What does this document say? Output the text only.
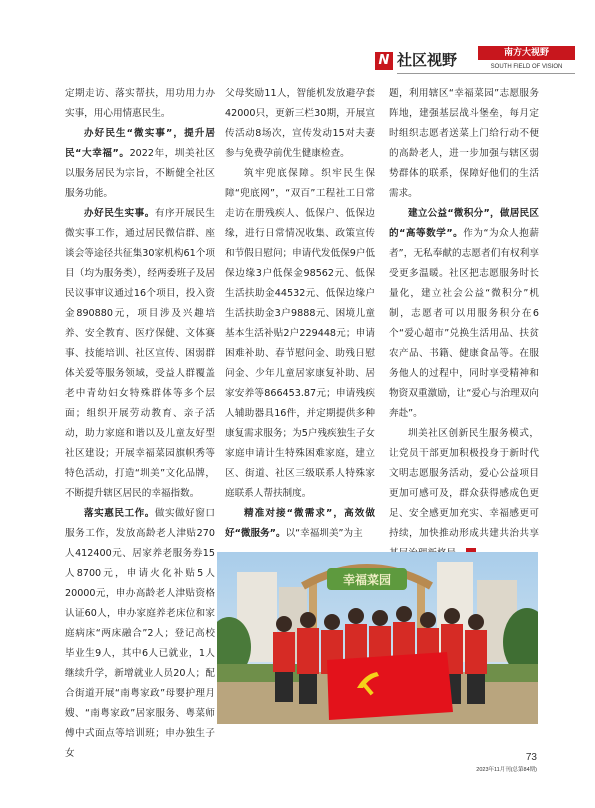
N 社区视野	南方大视野
SOUTH FIELD OF VISION

定期走访、落实帮扶，用功用力办实事，用心用情惠民生。

办好民生“微实事”，提升居民“大幸福”。2022年，圳美社区以服务居民为宗旨，不断健全社区服务功能。

办好民生实事。有序开展民生微实事工作，通过居民微信群、座谈会等途径共征集30家机构61个项目（均为服务类），经两委班子及居民议事审议通过16个项目，投入资金890880元，项目涉及兴趣培养、安全教育、医疗保健、文体赛事、技能培训、社区宣传、困弱群体关爱等服务领域，受益人群覆盖老中青幼妇女特殊群体等多个层面；组织开展劳动教育、亲子活动，助力家庭和谐以及儿童友好型社区建设；开展幸福菜园旗帜秀等特色活动，打造“圳美”文化品牌，不断提升辖区居民的幸福指数。

落实惠民工作。做实做好窗口服务工作，发放高龄老人津贴270人412400元、居家养老服务券15人8700元，申请火化补贴5人20000元，申办高龄老人津贴资格认证60人，申办家庭养老床位和家庭病床“两床融合”2人；登记高校毕业生9人，其中6人已就业，1人继续升学，新增就业人员20人；配合街道开展“南粤家政”母婴护理月嫂、“南粤家政”居家服务、粤菜师傅中式面点等培训班；申办独生子女

父母奖励11人，智能机发放避孕套42000只，更新三栏30期，开展宣传活动8场次，宣传发动15对夫妻参与免费孕前优生健康检查。

筑牢兜底保障。织牢民生保障“兜底网”，“双百”工程社工日常走访在册残疾人、低保户、低保边缘，进行日常情况收集、政策宣传和节假日慰问；申请代发低保9户低保边缘3户低保金98562元、低保生活扶助金44532元、低保边缘户生活扶助金3户9888元、困境儿童基本生活补贴2户229448元；申请困难补助、春节慰问金、助残日慰问金、少年儿童居家康复补助、居家安养等866453.87元；申请残疾人辅助器具16件，并定期提供多种康复需求服务；为5户残疾独生子女家庭申请计生特殊困难家庭，建立区、街道、社区三级联系人特殊家庭联系人帮扶制度。

精准对接“微需求”，高效做好“微服务”。以“幸福圳美”为主

题，利用辖区“幸福菜园”志愿服务阵地，建强基层战斗堡垒，每月定时组织志愿者送菜上门给行动不便的高龄老人，进一步加强与辖区弱势群体的联系，保障好他们的生活需求。

建立公益“微积分”，做居民区的“高等数学”。作为“为众人抱薪者”，无私奉献的志愿者们有权利享受更多温暖。社区把志愿服务时长量化，建立社会公益“微积分”机制，志愿者可以用服务积分在6个“爱心超市”兑换生活用品、扶贫农产品、书籍、健康食品等。在服务他人的过程中，同时享受精神和物资双重激励，让“爱心与治理双向奔赴”。

圳美社区创新民生服务模式，让党员干部更加积极投身于新时代文明志愿服务活动，爱心公益项目更加可感可及，群众获得感成色更足、安全感更加充实、幸福感更可持续，加快推动形成共建共治共享

幸福菜园
73
2023年11月刊(总第84期)
